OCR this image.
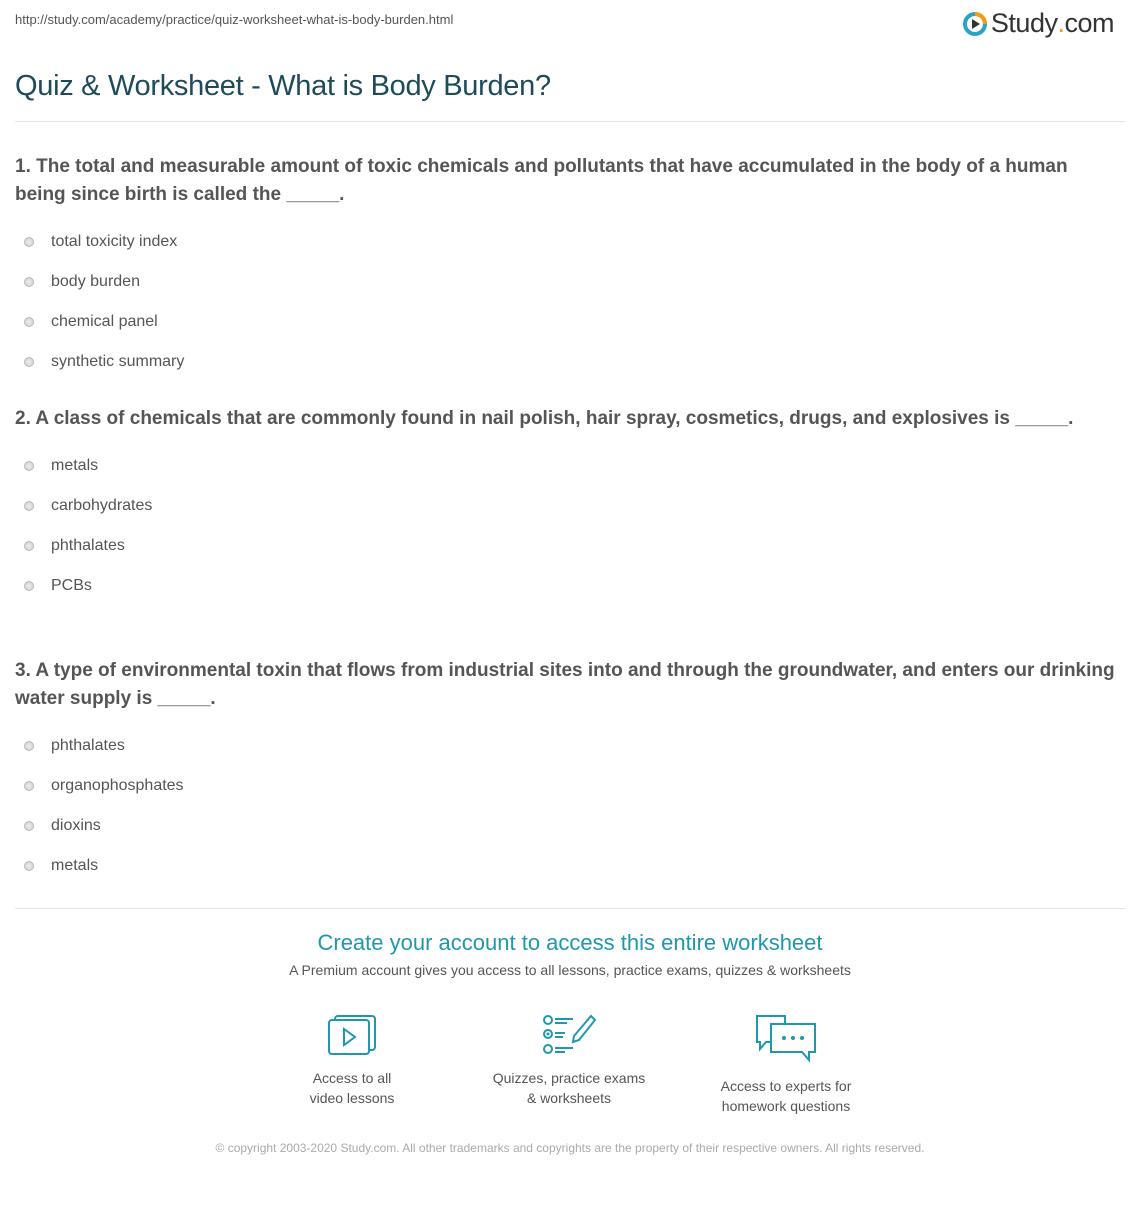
http://study.com/academy/practice/quiz-worksheet-what-is-body-burden.html	Study . com
Quiz & Worksheet - What is Body Burden?
1. The total and measurable amount of toxic chemicals and pollutants that have accumulated in the body of a human being since birth is called the _____.
total toxicity index
body burden
chemical panel
synthetic summary
2. A class of chemicals that are commonly found in nail polish, hair spray, cosmetics, drugs, and explosives is _____.
metals
carbohydrates
phthalates
PCBs
3. A type of environmental toxin that flows from industrial sites into and through the groundwater, and enters our drinking water supply is _____.
phthalates
organophosphates
dioxins
metals
Create your account to access this entire worksheet

A Premium account gives you access to all lessons, practice exams, quizzes & worksheets

Access to all
video lessons
Quizzes, practice exams
& worksheets
Access to experts for
homework questions
© copyright 2003-2020 Study.com. All other trademarks and copyrights are the property of their respective owners. All rights reserved.
